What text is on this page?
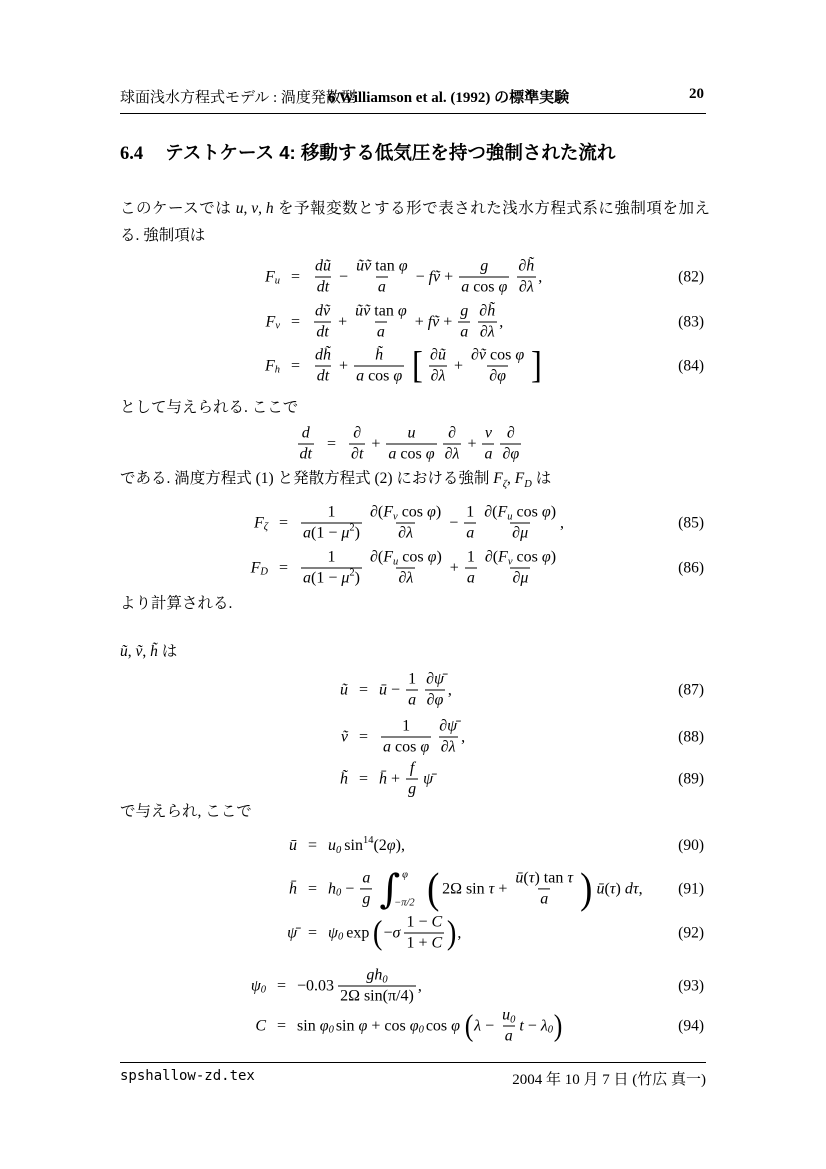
球面浅水方程式モデル : 渦度発散型
6 Williamson et al. (1992) の標準実験	20
6.4 テストケース 4: 移動する低気圧を持つ強制された流れ
このケースでは u , v , h を予報変数とする形で表された浅水方程式系に強制項を加える. 強制項は
F $u = \frac{dũ}{dt} - \frac{\text{ũṽ tan φ}}{a}$ − fṽ + $\frac{g}{\text{a cos φ}} \frac{\partial h̃}{\partial\lambda}$ ,	(82)
F $v = \frac{\text{dṽ}}{dt} + \frac{\text{ũṽ tan φ}}{a}$ + fṽ + $\frac{g}{a} \frac{\partial h̃}{\partial\lambda}$ ,	(83)
F $h = \frac{dh̃}{dt} + \frac{h̃}{\text{a cos φ}}$ [ $\frac{\partial ũ}{\partial\lambda} + \frac{\text{∂ṽ cos φ}}{\partial\varphi}$ ]	(84)
として与えられる. ここで
$\frac{d}{dt} = \frac{\partial}{\partial t} + \frac{u}{\text{a cos φ}} \frac{\partial}{\partial\lambda} + \frac{v}{a} \frac{\partial}{\partial\varphi}$
である. 渦度方程式 (1) と発散方程式 (2) における強制 F ζ , F D は
F $\zeta = \frac{1}{a (1 - \mu 2 )} \frac{\text{∂ ( F v cos φ )}}{\partial\lambda} - \frac{1}{a} \frac{\text{∂ ( F u cos φ )}}{\partial\mu}$ ,	(85)
F $D = \frac{1}{a (1 - \mu 2 )} \frac{\text{∂ ( F u cos φ )}}{\partial\lambda} + \frac{1}{a} \frac{\text{∂ ( F v cos φ )}}{\partial\mu}$	(86)
より計算される.
ũ , ṽ , h̃ は
ũ = ū − $\frac{1}{a} \frac{\partial\psī}{\partial\varphi}$ ,	(87)
ṽ = $\frac{1}{\text{a cos φ}} \frac{\partial\psī}{\partial\lambda}$ ,	(88)
h̃ = h̄ + $\frac{f}{g}$ ψ̄	(89)
で与えられ, ここで
ū = u 0 sin 14 (2 φ ),	(90)
h̄ = h $0 - \frac{a}{g}$ ∫ φ
−π/2 ( 2Ω $\sin \tau + \frac{\text{ū ( τ ) tan τ}}{a}$ ) ū ( τ ) dτ , (91)
ψ̄ = ψ 0 exp ( − σ $\frac{1 - C}{1 + C}$ ) ,	(92)
ψ $0 = -0.03 \frac{gh 0}{\text{2Ω sin(π/4)}}$ ,	(93)
C = sin φ 0 sin φ + cos φ 0 cos φ ( $\lambda - \frac{u 0}{a}$ t − λ 0 )	(94)
spshallow-zd.tex	2004 年 10 月 7 日 (竹広 真一)
